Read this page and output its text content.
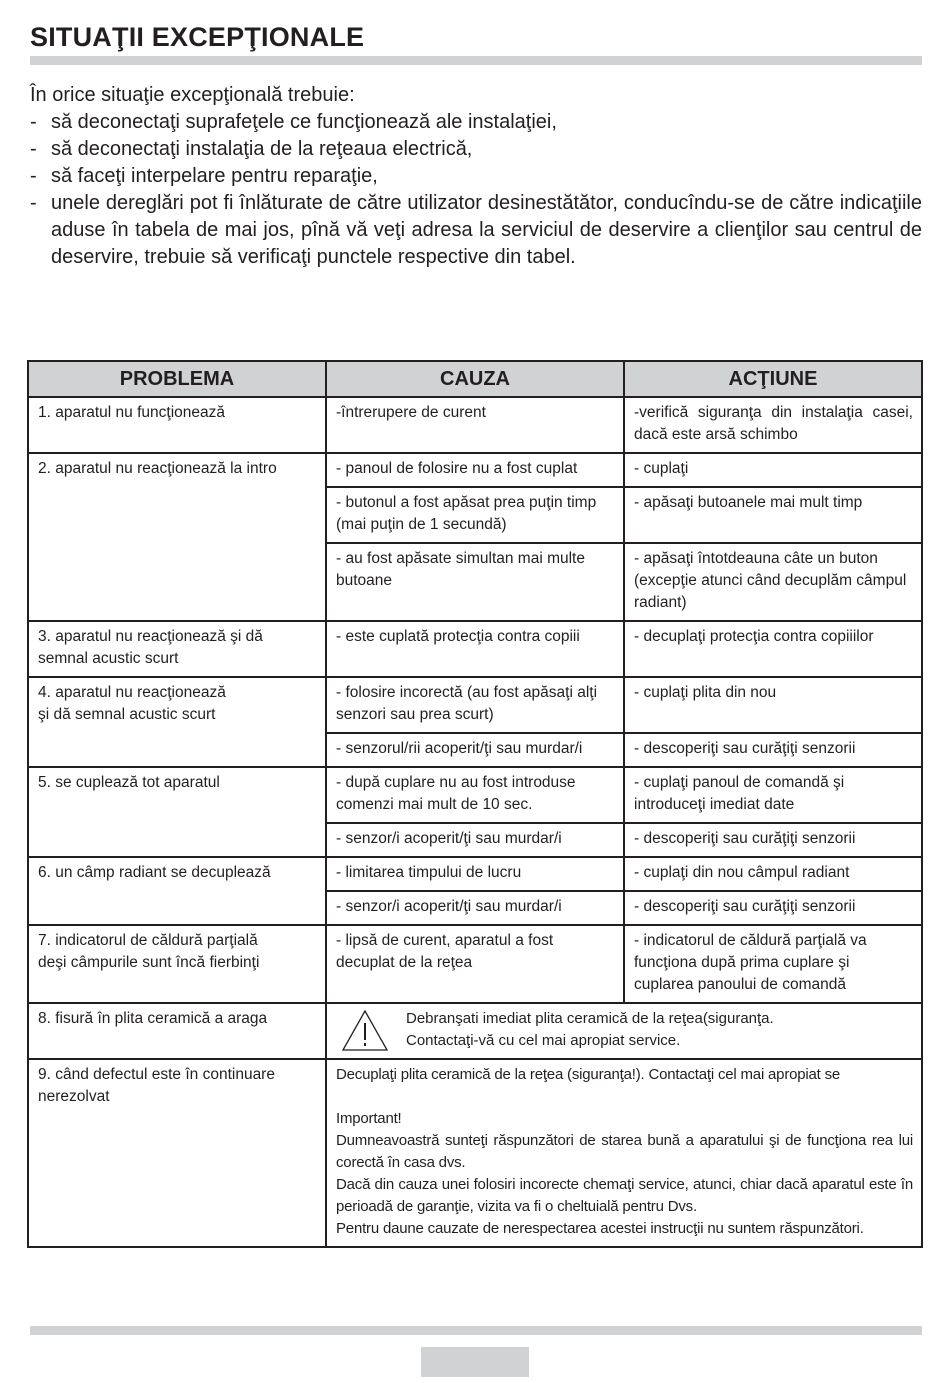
SITUAŢII EXCEPŢIONALE

În orice situaţie excepţională trebuie:

- să deconectaţi suprafeţele ce funcţionează ale instalaţiei,
- să deconectaţi instalaţia de la reţeaua electrică,
- să faceţi interpelare pentru reparaţie,
- unele dereglări pot fi înlăturate de către utilizator desinestătător, conducîndu-se de către indicaţiile aduse în tabela de mai jos, pînă vă veţi adresa la serviciul de deservire a clienţilor sau centrul de deservire, trebuie să verificaţi punctele respective din tabel.
PROBLEMA	CAUZA	ACŢIUNE
1. aparatul nu funcţionează	-întrerupere de curent	-verifică siguranţa din instalaţia casei, dacă este arsă schimbo
2. aparatul nu reacţionează la intro	- panoul de folosire nu a fost cuplat	- cuplaţi
	- butonul a fost apăsat prea puţin timp (mai puţin de 1 secundă)	- apăsaţi butoanele mai mult timp
	- au fost apăsate simultan mai multe butoane	- apăsaţi întotdeauna câte un buton (excepţie atunci când decuplăm câmpul radiant)
3. aparatul nu reacţionează şi dă semnal acustic scurt	- este cuplată protecţia contra copiii	- decuplaţi protecţia contra copiiilor
4. aparatul nu reacţionează
şi dă semnal acustic scurt	- folosire incorectă (au fost apăsaţi alţi senzori sau prea scurt)	- cuplaţi plita din nou
	- senzorul/rii acoperit/ţi sau murdar/i	- descoperiţi sau curăţiţi senzorii
5. se cuplează tot aparatul	- după cuplare nu au fost introduse comenzi mai mult de 10 sec.	- cuplaţi panoul de comandă şi introduceţi imediat date
	- senzor/i acoperit/ţi sau murdar/i	- descoperiţi sau curăţiţi senzorii
6. un câmp radiant se decuplează	- limitarea timpului de lucru	- cuplaţi din nou câmpul radiant
	- senzor/i acoperit/ţi sau murdar/i	- descoperiţi sau curăţiţi senzorii
7. indicatorul de căldură parţială
deşi câmpurile sunt încă fierbinţi	- lipsă de curent, aparatul a fost decuplat de la reţea	- indicatorul de căldură parţială va funcţiona după prima cuplare şi cuplarea panoului de comandă
8. fisură în plita ceramică a araga	Debranşati imediat plita ceramică de la reţea(siguranţa.
Contactaţi-vă cu cel mai apropiat service.	

9. când defectul este în continuare nerezolvat	Decuplaţi plita ceramică de la reţea (siguranţa!). Contactaţi cel mai apropiat se
Important!
Dumneavoastră sunteţi răspunzători de starea bună a aparatului şi de funcţiona rea lui corectă în casa dvs.
Dacă din cauza unei folosiri incorecte chemaţi service, atunci, chiar dacă aparatul este în perioadă de garanţie, vizita va fi o cheltuială pentru Dvs.
Pentru daune cauzate de nerespectarea acestei instrucţii nu suntem răspunzători.	
